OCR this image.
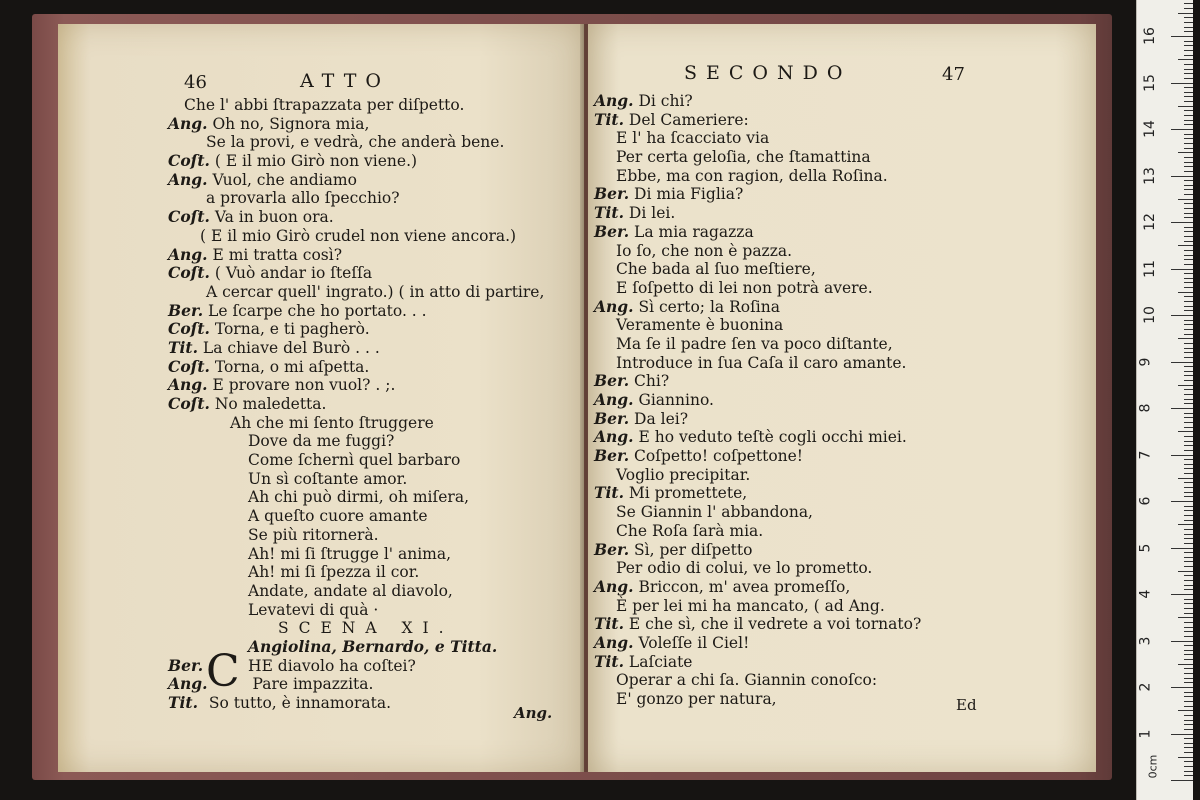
46	ATTO
Che l' abbi ſtrapazzata per diſpetto.
Ang. Oh no, Signora mia,
Se la provi, e vedrà, che anderà bene.
Coſt. ( E il mio Girò non viene.)
Ang. Vuol, che andiamo
a provarla allo ſpecchio?
Coſt. Va in buon ora.
( E il mio Girò crudel non viene ancora.)
Ang. E mi tratta così?
Coſt. ( Vuò andar io ſteſſa
A cercar quell' ingrato.) ( in atto di partire,
Ber. Le ſcarpe che ho portato. . .
Coſt. Torna, e ti pagherò.
Tit. La chiave del Burò . . .
Coſt. Torna, o mi aſpetta.
Ang. E provare non vuol? . ;.
Coſt. No maledetta.
Ah che mi ſento ſtruggere
Dove da me fuggi?
Come ſchernì quel barbaro
Un sì coſtante amor.
Ah chi può dirmi, oh miſera,
A queſto cuore amante
Se più ritornerà.
Ah! mi ſi ſtrugge l' anima,
Ah! mi ſi ſpezza il cor.
Andate, andate al diavolo,
Levatevi di quà ·
SCENA XI.
Angiolina, Bernardo, e Titta.
Ber.	HE diavolo ha coſtei?
Ang.	Pare impazzita.
Tit. So tutto, è innamorata.
C
Ang.
SECONDO	47
Ang. Di chi?
Tit. Del Cameriere:
E l' ha ſcacciato via
Per certa geloſia, che ſtamattina
Ebbe, ma con ragion, della Roſina.
Ber. Di mia Figlia?
Tit. Di lei.
Ber. La mia ragazza
Io ſo, che non è pazza.
Che bada al ſuo meſtiere,
E ſoſpetto di lei non potrà avere.
Ang. Sì certo; la Roſina
Veramente è buonina
Ma ſe il padre ſen va poco diſtante,
Introduce in ſua Caſa il caro amante.
Ber. Chi?
Ang. Giannino.
Ber. Da lei?
Ang. E ho veduto teſtè cogli occhi miei.
Ber. Coſpetto! coſpettone!
Voglio precipitar.
Tit. Mi promettete,
Se Giannin l' abbandona,
Che Roſa ſarà mia.
Ber. Sì, per diſpetto
Per odio di colui, ve lo prometto.
Ang. Briccon, m' avea promeſſo,
È per lei mi ha mancato, ( ad Ang.
Tit. E che sì, che il vedrete a voi tornato?
Ang. Voleſſe il Ciel!
Tit. Laſciate
Operar a chi ſa. Giannin conoſco:
E' gonzo per natura,	Ed
0cm
1
2
3
4
5
6
7
8
9
10
11
12
13
14
15
16
